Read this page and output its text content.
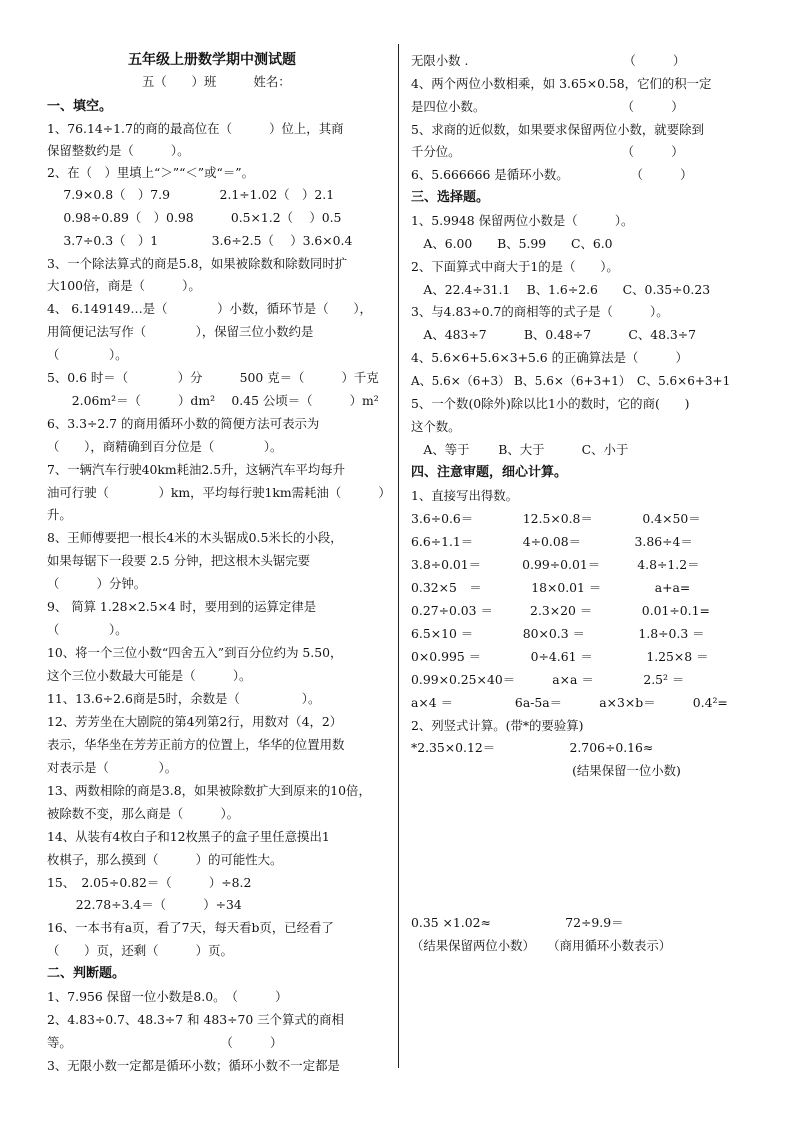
五年级上册数学期中测试题
五（　　）班　　　姓名：
一、填空。
1、76.14÷1.7的商的最高位在（　　　）位上，其商
保留整数约是（　　　）。
2、在（　）里填上“＞”“＜”或“＝”。
　 7.9×0.8（　）7.9　　　　2.1÷1.02（　）2.1
　 0.98÷0.89（　）0.98　　　0.5×1.2（　 ）0.5
　 3.7÷0.3（　）1　　　　 3.6÷2.5（　 ）3.6×0.4
3、一个除法算式的商是5.8，如果被除数和除数同时扩
大100倍，商是（　　　）。
4、 6.149149…是（　　　　）小数，循环节是（　　），
用简便记法写作（　　　　），保留三位小数约是
（　　　　）。
5、0.6 时＝（　　　　）分　　　500 克＝（　　　）千克
　　2.06m²＝（　　　）dm²　 0.45 公顷＝（　　　）m²
6、3.3÷2.7 的商用循环小数的简便方法可表示为
（　　），商精确到百分位是（　　　　）。
7、一辆汽车行驶40km耗油2.5升，这辆汽车平均每升
油可行驶（　　　　）km，平均每行驶1km需耗油（　　　）
升。
8、王师傅要把一根长4米的木头锯成0.5米长的小段，
如果每锯下一段要 2.5 分钟，把这根木头锯完要
（　　　）分钟。
9、 简算 1.28×2.5×4 时，要用到的运算定律是
（　　　　）。
10、将一个三位小数“四舍五入”到百分位约为 5.50，
这个三位小数最大可能是（　　　）。
11、13.6÷2.6商是5时，余数是（　　　　　）。
12、芳芳坐在大剧院的第4列第2行，用数对（4，2）
表示，华华坐在芳芳正前方的位置上，华华的位置用数
对表示是（　　　　）。
13、两数相除的商是3.8，如果被除数扩大到原来的10倍，
被除数不变，那么商是（　　　）。
14、从装有4枚白子和12枚黑子的盒子里任意摸出1
枚棋子，那么摸到（　　　）的可能性大。
15、　2.05÷0.82＝（　　　）÷8.2
　　 22.78÷3.4＝（　　　）÷34
16、一本书有a页，看了7天，每天看b页，已经看了
（　　）页，还剩（　　　）页。
二、判断题。
1、7.956 保留一位小数是8.0。　（　　　）
2、4.83÷0.7、48.3÷7 和 483÷70 三个算式的商相
等。　　　　　　　　　　　　　（　　　）
3、无限小数一定都是循环小数；循环小数不一定都是
无限小数 .　　　　　　　　　　　　　（　　　）
4、两个两位小数相乘，如 3.65×0.58，它们的积一定
是四位小数。　　　　　　　　　　　　（　　　）
5、求商的近似数，如果要求保留两位小数，就要除到
千分位。　　　　　　　　　　　　　　（　　　）
6、5.666666 是循环小数。　　　　　　（　　　）
三、选择题。
1、5.9948 保留两位小数是（　　　）。
　A、6.00　　B、5.99　　C、6.0
2、下面算式中商大于1的是（　　）。
　A、22.4÷31.1　 B、1.6÷2.6　　C、0.35÷0.23
3、与4.83÷0.7的商相等的式子是（　　　）。
　A、483÷7　　　B、0.48÷7　　　C、48.3÷7
4、5.6×6+5.6×3+5.6 的正确算法是（　　　）
A、5.6×（6+3） B、5.6×（6+3+1）　C、5.6×6+3+1
5、一个数(0除外)除以比1小的数时，它的商(　　)
这个数。
　A、等于　　 B、大于　　　C、小于
四、注意审题，细心计算。
1、直接写出得数。
3.6÷0.6＝　　　　12.5×0.8＝　　　　0.4×50＝
6.6÷1.1＝　　　　4÷0.08＝　　　　 3.86÷4＝
3.8÷0.01＝　　　 0.99÷0.01＝　　　4.8÷1.2＝
0.32×5　＝　　　　18×0.01 ＝　　　　 a+a=
0.27÷0.03 ＝　　　2.3×20 ＝　　　　0.01÷0.1=
6.5×10 ＝　　　　80×0.3 ＝　　　　 1.8÷0.3 ＝
0×0.995 ＝　　　　0÷4.61 ＝　　　　 1.25×8 ＝
0.99×0.25×40＝　　　a×a ＝　　　　2.5² ＝
a×4 ＝　　　　　6a-5a＝　　　a×3×b＝　　　0.4²=
2、列竖式计算。(带*的要验算)
*2.35×0.12＝　　　　　　2.706÷0.16≈
　　　　　　　　　　　　　(结果保留一位小数)
0.35 ×1.02≈　　　　　　72÷9.9＝
（结果保留两位小数）　　（商用循环小数表示）
